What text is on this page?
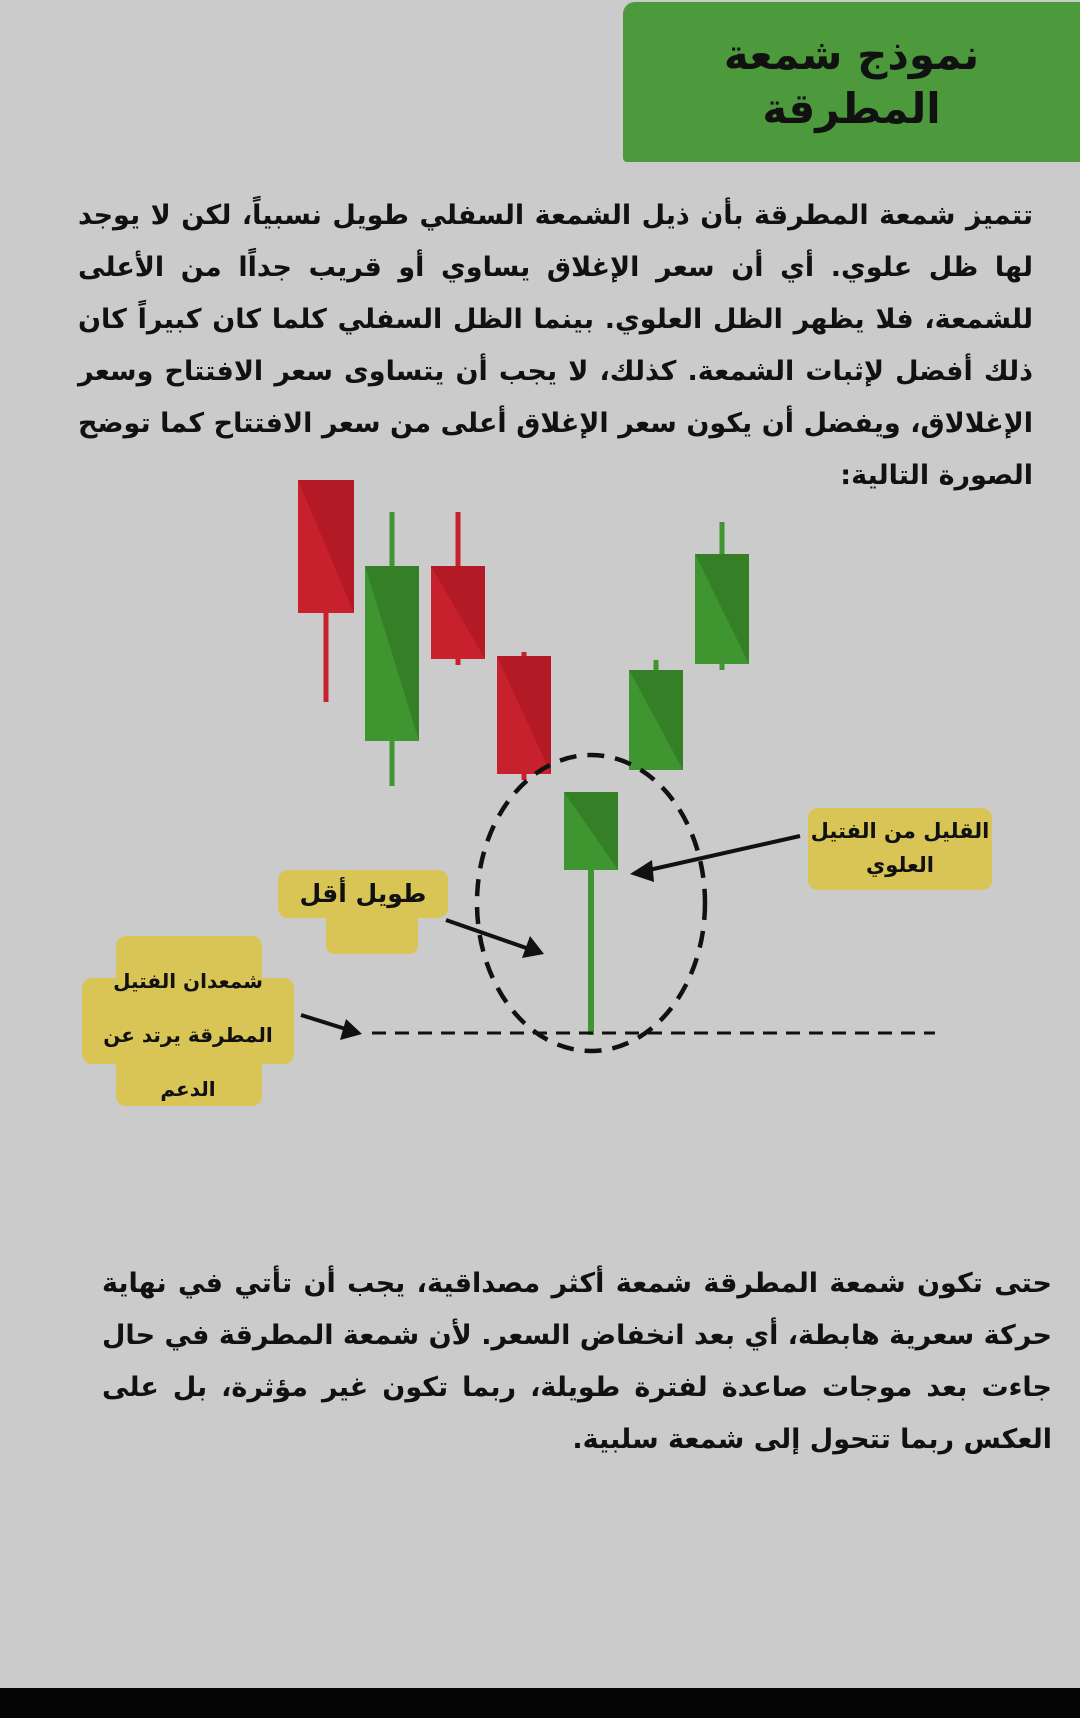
نموذج شمعة المطرقة
تتميز شمعة المطرقة بأن ذيل الشمعة السفلي طويل نسبياً، لكن لا يوجد لها ظل علوي. أي أن سعر الإغلاق يساوي أو قريب جداًا من الأعلى للشمعة، فلا يظهر الظل العلوي. بينما الظل السفلي كلما كان كبيراً كان ذلك أفضل لإثبات الشمعة. كذلك، لا يجب أن يتساوى سعر الافتتاح وسعر الإغلالاق، ويفضل أن يكون سعر الإغلاق أعلى من سعر الافتتاح كما توضح الصورة التالية:
القليل من الفتيل العلوي
طويل أقل
شمعدان الفتيل المطرقة يرتد عن الدعم
حتى تكون شمعة المطرقة شمعة أكثر مصداقية، يجب أن تأتي في نهاية حركة سعرية هابطة، أي بعد انخفاض السعر. لأن شمعة المطرقة في حال جاءت بعد موجات صاعدة لفترة طويلة، ربما تكون غير مؤثرة، بل على العكس ربما تتحول إلى شمعة سلبية.
